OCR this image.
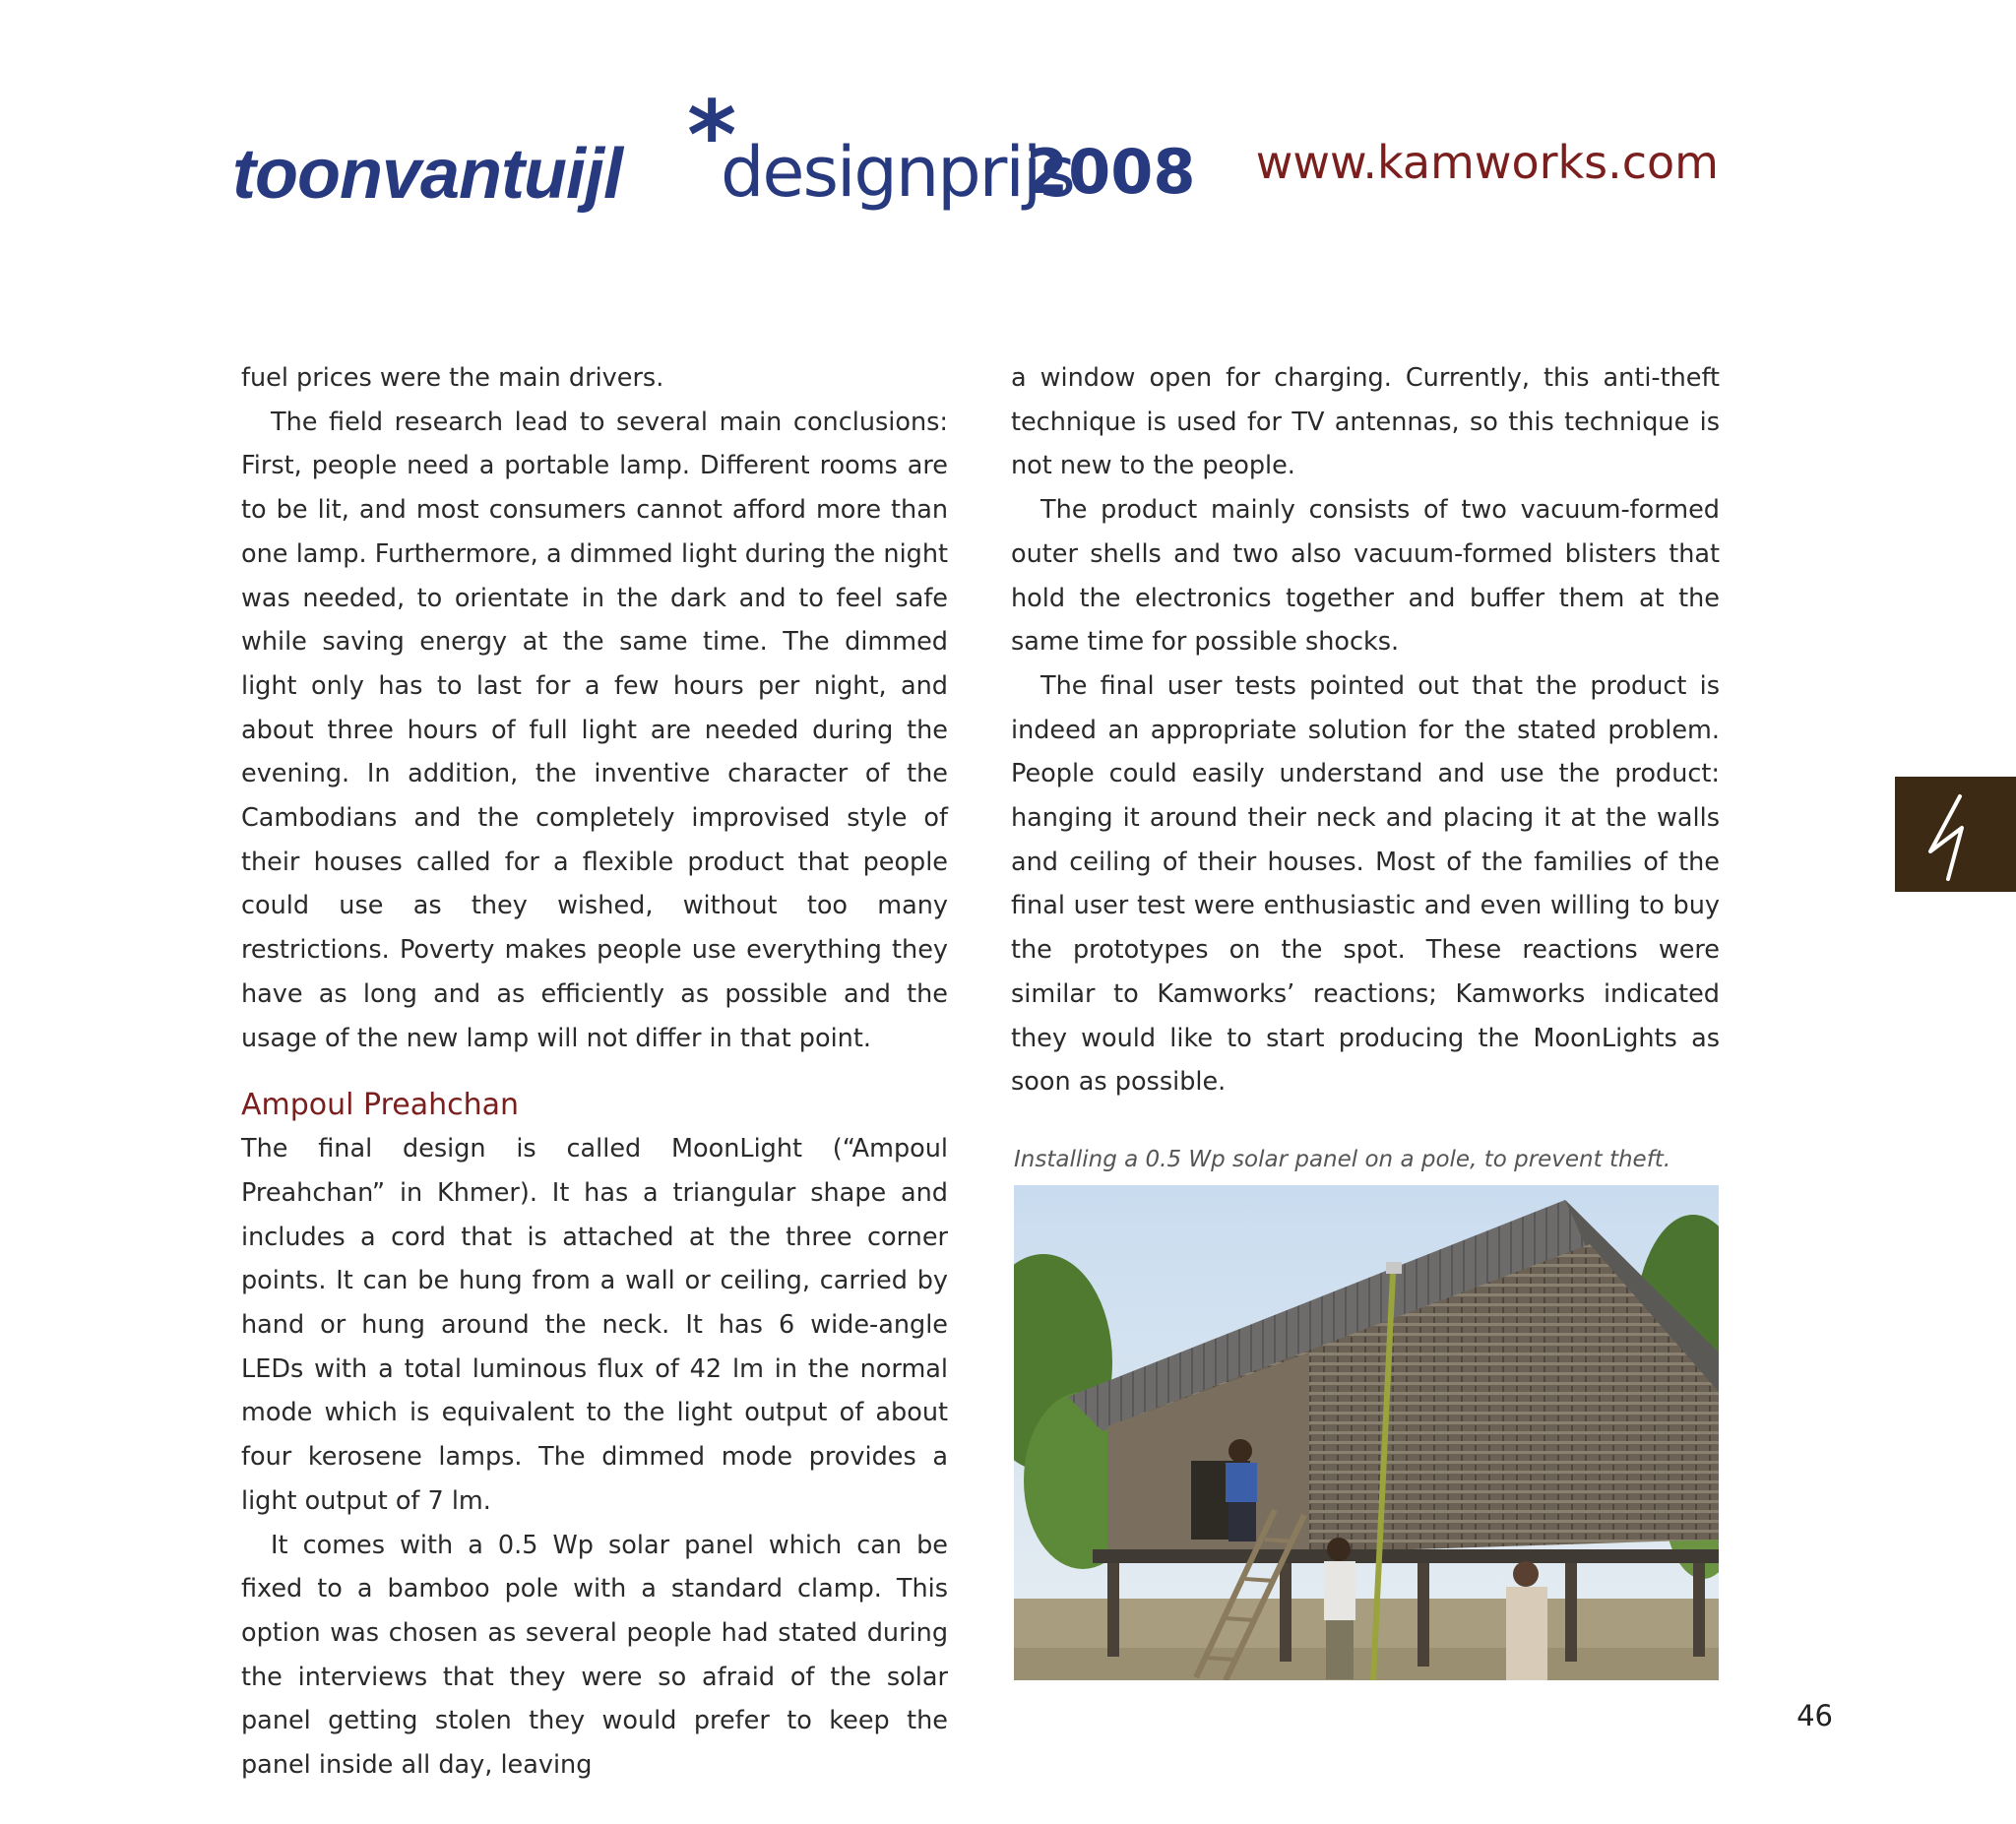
toonvantuijl *
designprijs
2008 www.kamworks.com

fuel prices were the main drivers.

The field research lead to several main conclusions: First, people need a portable lamp. Different rooms are to be lit, and most consumers cannot afford more than one lamp. Furthermore, a dimmed light during the night was needed, to orientate in the dark and to feel safe while saving energy at the same time. The dimmed light only has to last for a few hours per night, and about three hours of full light are needed during the evening. In addition, the inventive character of the Cambodians and the completely improvised style of their houses called for a flexible product that people could use as they wished, without too many restrictions. Poverty makes people use everything they have as long and as efficiently as possible and the usage of the new lamp will not differ in that point.

Ampoul Preahchan

The final design is called MoonLight (“Ampoul Preahchan” in Khmer). It has a triangular shape and includes a cord that is attached at the three corner points. It can be hung from a wall or ceiling, carried by hand or hung around the neck. It has 6 wide-angle LEDs with a total luminous flux of 42 lm in the normal mode which is equivalent to the light output of about four kerosene lamps. The dimmed mode provides a light output of 7 lm.

It comes with a 0.5 Wp solar panel which can be fixed to a bamboo pole with a standard clamp. This option was chosen as several people had stated during the interviews that they were so afraid of the solar panel getting stolen they would prefer to keep the panel inside all day, leaving

a window open for charging. Currently, this anti-theft technique is used for TV antennas, so this technique is not new to the people.

The product mainly consists of two vacuum-formed outer shells and two also vacuum-formed blisters that hold the electronics together and buffer them at the same time for possible shocks.

The final user tests pointed out that the product is indeed an appropriate solution for the stated problem. People could easily understand and use the product: hanging it around their neck and placing it at the walls and ceiling of their houses. Most of the families of the final user test were enthusiastic and even willing to buy the prototypes on the spot. These reactions were similar to Kamworks’ reactions; Kamworks indicated they would like to start producing the MoonLights as soon as possible.

Installing a 0.5 Wp solar panel on a pole, to prevent theft.
46
